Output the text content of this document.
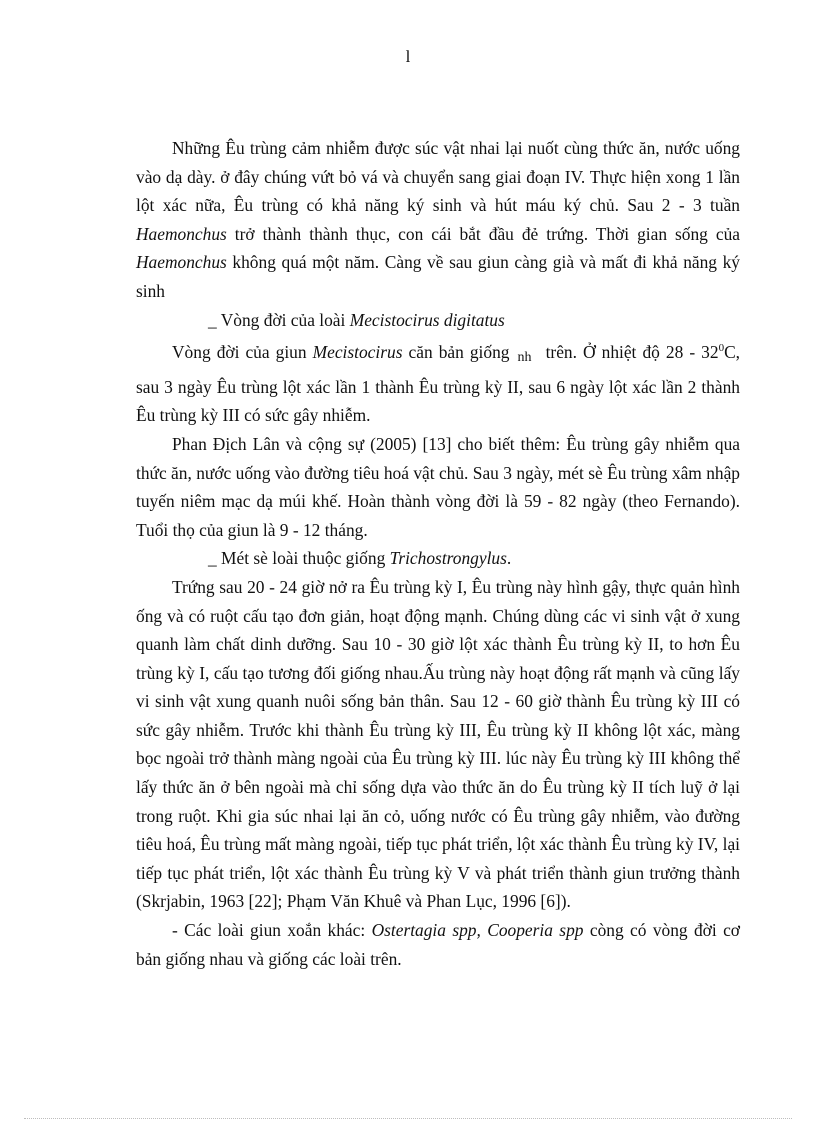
l

Những Êu trùng cảm nhiễm được súc vật nhai lại nuốt cùng thức ăn, nước uống vào dạ dày. ở đây chúng vứt bỏ vá và chuyển sang giai đoạn IV. Thực hiện xong 1 lần lột xác nữa, Êu trùng có khả năng ký sinh và hút máu ký chủ. Sau 2 - 3 tuần Haemonchus trở thành thành thục, con cái bắt đầu đẻ trứng. Thời gian sống của Haemonchus không quá một năm. Càng về sau giun càng già và mất đi khả năng ký sinh

_ Vòng đời của loài Mecistocirus digitatus

Vòng đời của giun Mecistocirus căn bản giống $_{nh}$ trên. Ở nhiệt độ $28 - 32^0C$, sau 3 ngày Êu trùng lột xác lần 1 thành Êu trùng kỳ II, sau 6 ngày lột xác lần 2 thành Êu trùng kỳ III có sức gây nhiễm.

Phan Địch Lân và cộng sự (2005) [13] cho biết thêm: Êu trùng gây nhiễm qua thức ăn, nước uống vào đường tiêu hoá vật chủ. Sau 3 ngày, mét sè Êu trùng xâm nhập tuyến niêm mạc dạ múi khế. Hoàn thành vòng đời là 59 - 82 ngày (theo Fernando). Tuổi thọ của giun là 9 - 12 tháng.

_ Mét sè loài thuộc giống Trichostrongylus.

Trứng sau 20 - 24 giờ nở ra Êu trùng kỳ I, Êu trùng này hình gậy, thực quản hình ống và có ruột cấu tạo đơn giản, hoạt động mạnh. Chúng dùng các vi sinh vật ở xung quanh làm chất dinh dưỡng. Sau 10 - 30 giờ lột xác thành Êu trùng kỳ II, to hơn Êu trùng kỳ I, cấu tạo tương đối giống nhau.Ấu trùng này hoạt động rất mạnh và cũng lấy vi sinh vật xung quanh nuôi sống bản thân. Sau 12 - 60 giờ thành Êu trùng kỳ III có sức gây nhiễm. Trước khi thành Êu trùng kỳ III, Êu trùng kỳ II không lột xác, màng bọc ngoài trở thành màng ngoài của Êu trùng kỳ III. lúc này Êu trùng kỳ III không thể lấy thức ăn ở bên ngoài mà chỉ sống dựa vào thức ăn do Êu trùng kỳ II tích luỹ ở lại trong ruột. Khi gia súc nhai lại ăn cỏ, uống nước có Êu trùng gây nhiễm, vào đường tiêu hoá, Êu trùng mất màng ngoài, tiếp tục phát triển, lột xác thành Êu trùng kỳ IV, lại tiếp tục phát triển, lột xác thành Êu trùng kỳ V và phát triển thành giun trưởng thành (Skrjabin, 1963 [22]; Phạm Văn Khuê và Phan Lục, 1996 [6]).

- Các loài giun xoắn khác: Ostertagia spp, Cooperia spp còng có vòng đời cơ bản giống nhau và giống các loài trên.
